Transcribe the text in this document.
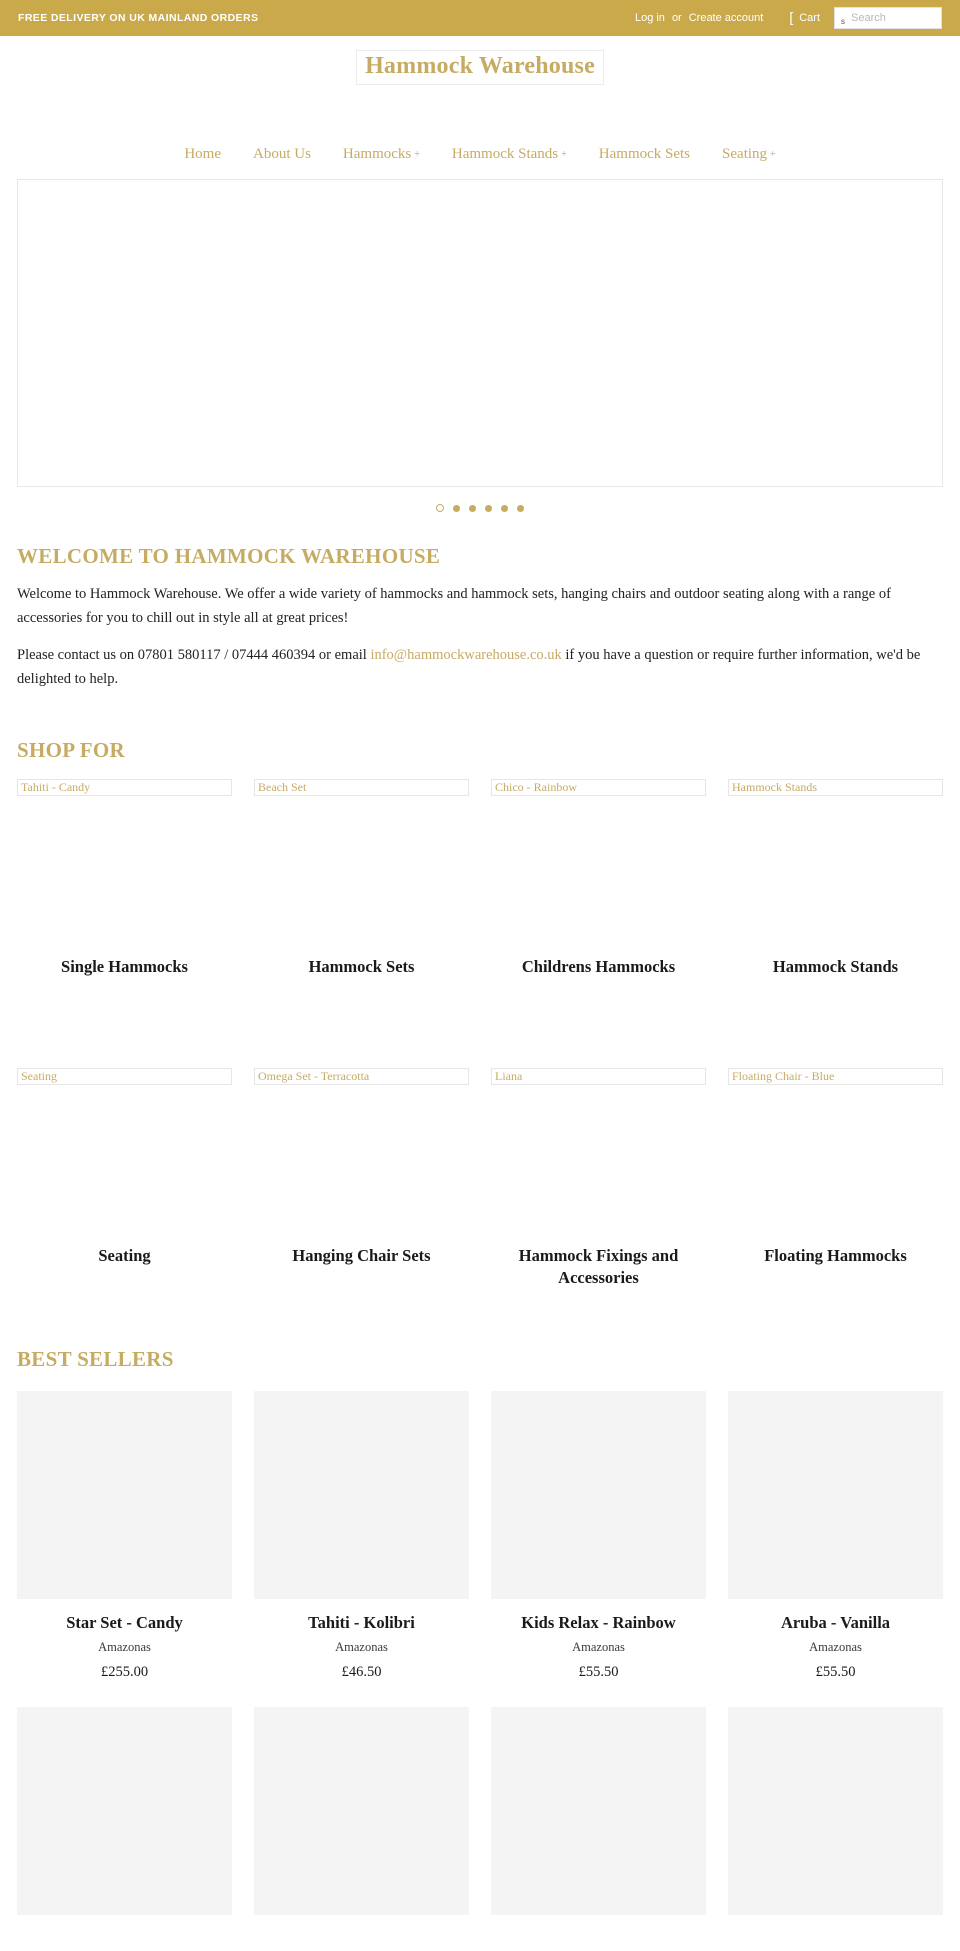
FREE DELIVERY ON UK MAINLAND ORDERS	Log in or Create account [ Cart	s
Search
Hammock Warehouse
Home	About Us	Hammocks +	Hammock Stands +	Hammock Sets	Seating +
WELCOME TO HAMMOCK WAREHOUSE

Welcome to Hammock Warehouse. We offer a wide variety of hammocks and hammock sets, hanging chairs and outdoor seating along with a range of accessories for you to chill out in style all at great prices!

Please contact us on 07801 580117 / 07444 460394 or email info@hammockwarehouse.co.uk if you have a question or require further information, we'd be delighted to help.

SHOP FOR
Tahiti - Candy
Single Hammocks
Beach Set
Hammock Sets
Chico - Rainbow
Childrens Hammocks
Hammock Stands
Hammock Stands
Seating
Seating
Omega Set - Terracotta
Hanging Chair Sets
Liana
Hammock Fixings and Accessories
Floating Chair - Blue
Floating Hammocks
BEST SELLERS
Star Set - Candy
Amazonas
£255.00
Tahiti - Kolibri
Amazonas
£46.50
Kids Relax - Rainbow
Amazonas
£55.50
Aruba - Vanilla
Amazonas
£55.50
